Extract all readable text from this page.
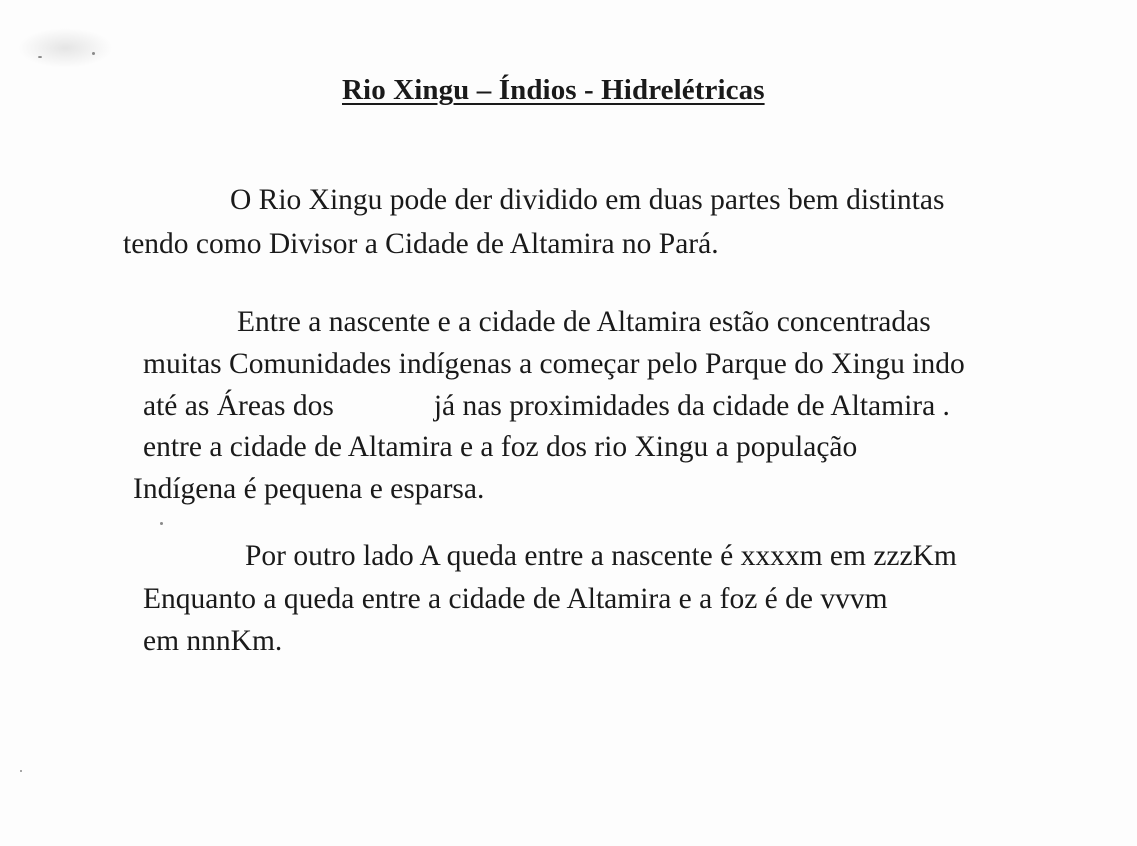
Rio Xingu – Índios - Hidrelétricas
O Rio Xingu pode der dividido em duas partes bem distintas
tendo como Divisor a Cidade de Altamira no Pará.
Entre a nascente e a cidade de Altamira estão concentradas
muitas Comunidades indígenas a começar pelo Parque do Xingu indo
até as Áreas dos	já nas proximidades da cidade de Altamira .
entre a cidade de Altamira e a foz dos rio Xingu a população
Indígena é pequena e esparsa.
Por outro lado A queda entre a nascente é xxxxm em zzzKm
Enquanto a queda entre a cidade de Altamira e a foz é de vvvm
em nnnKm.
